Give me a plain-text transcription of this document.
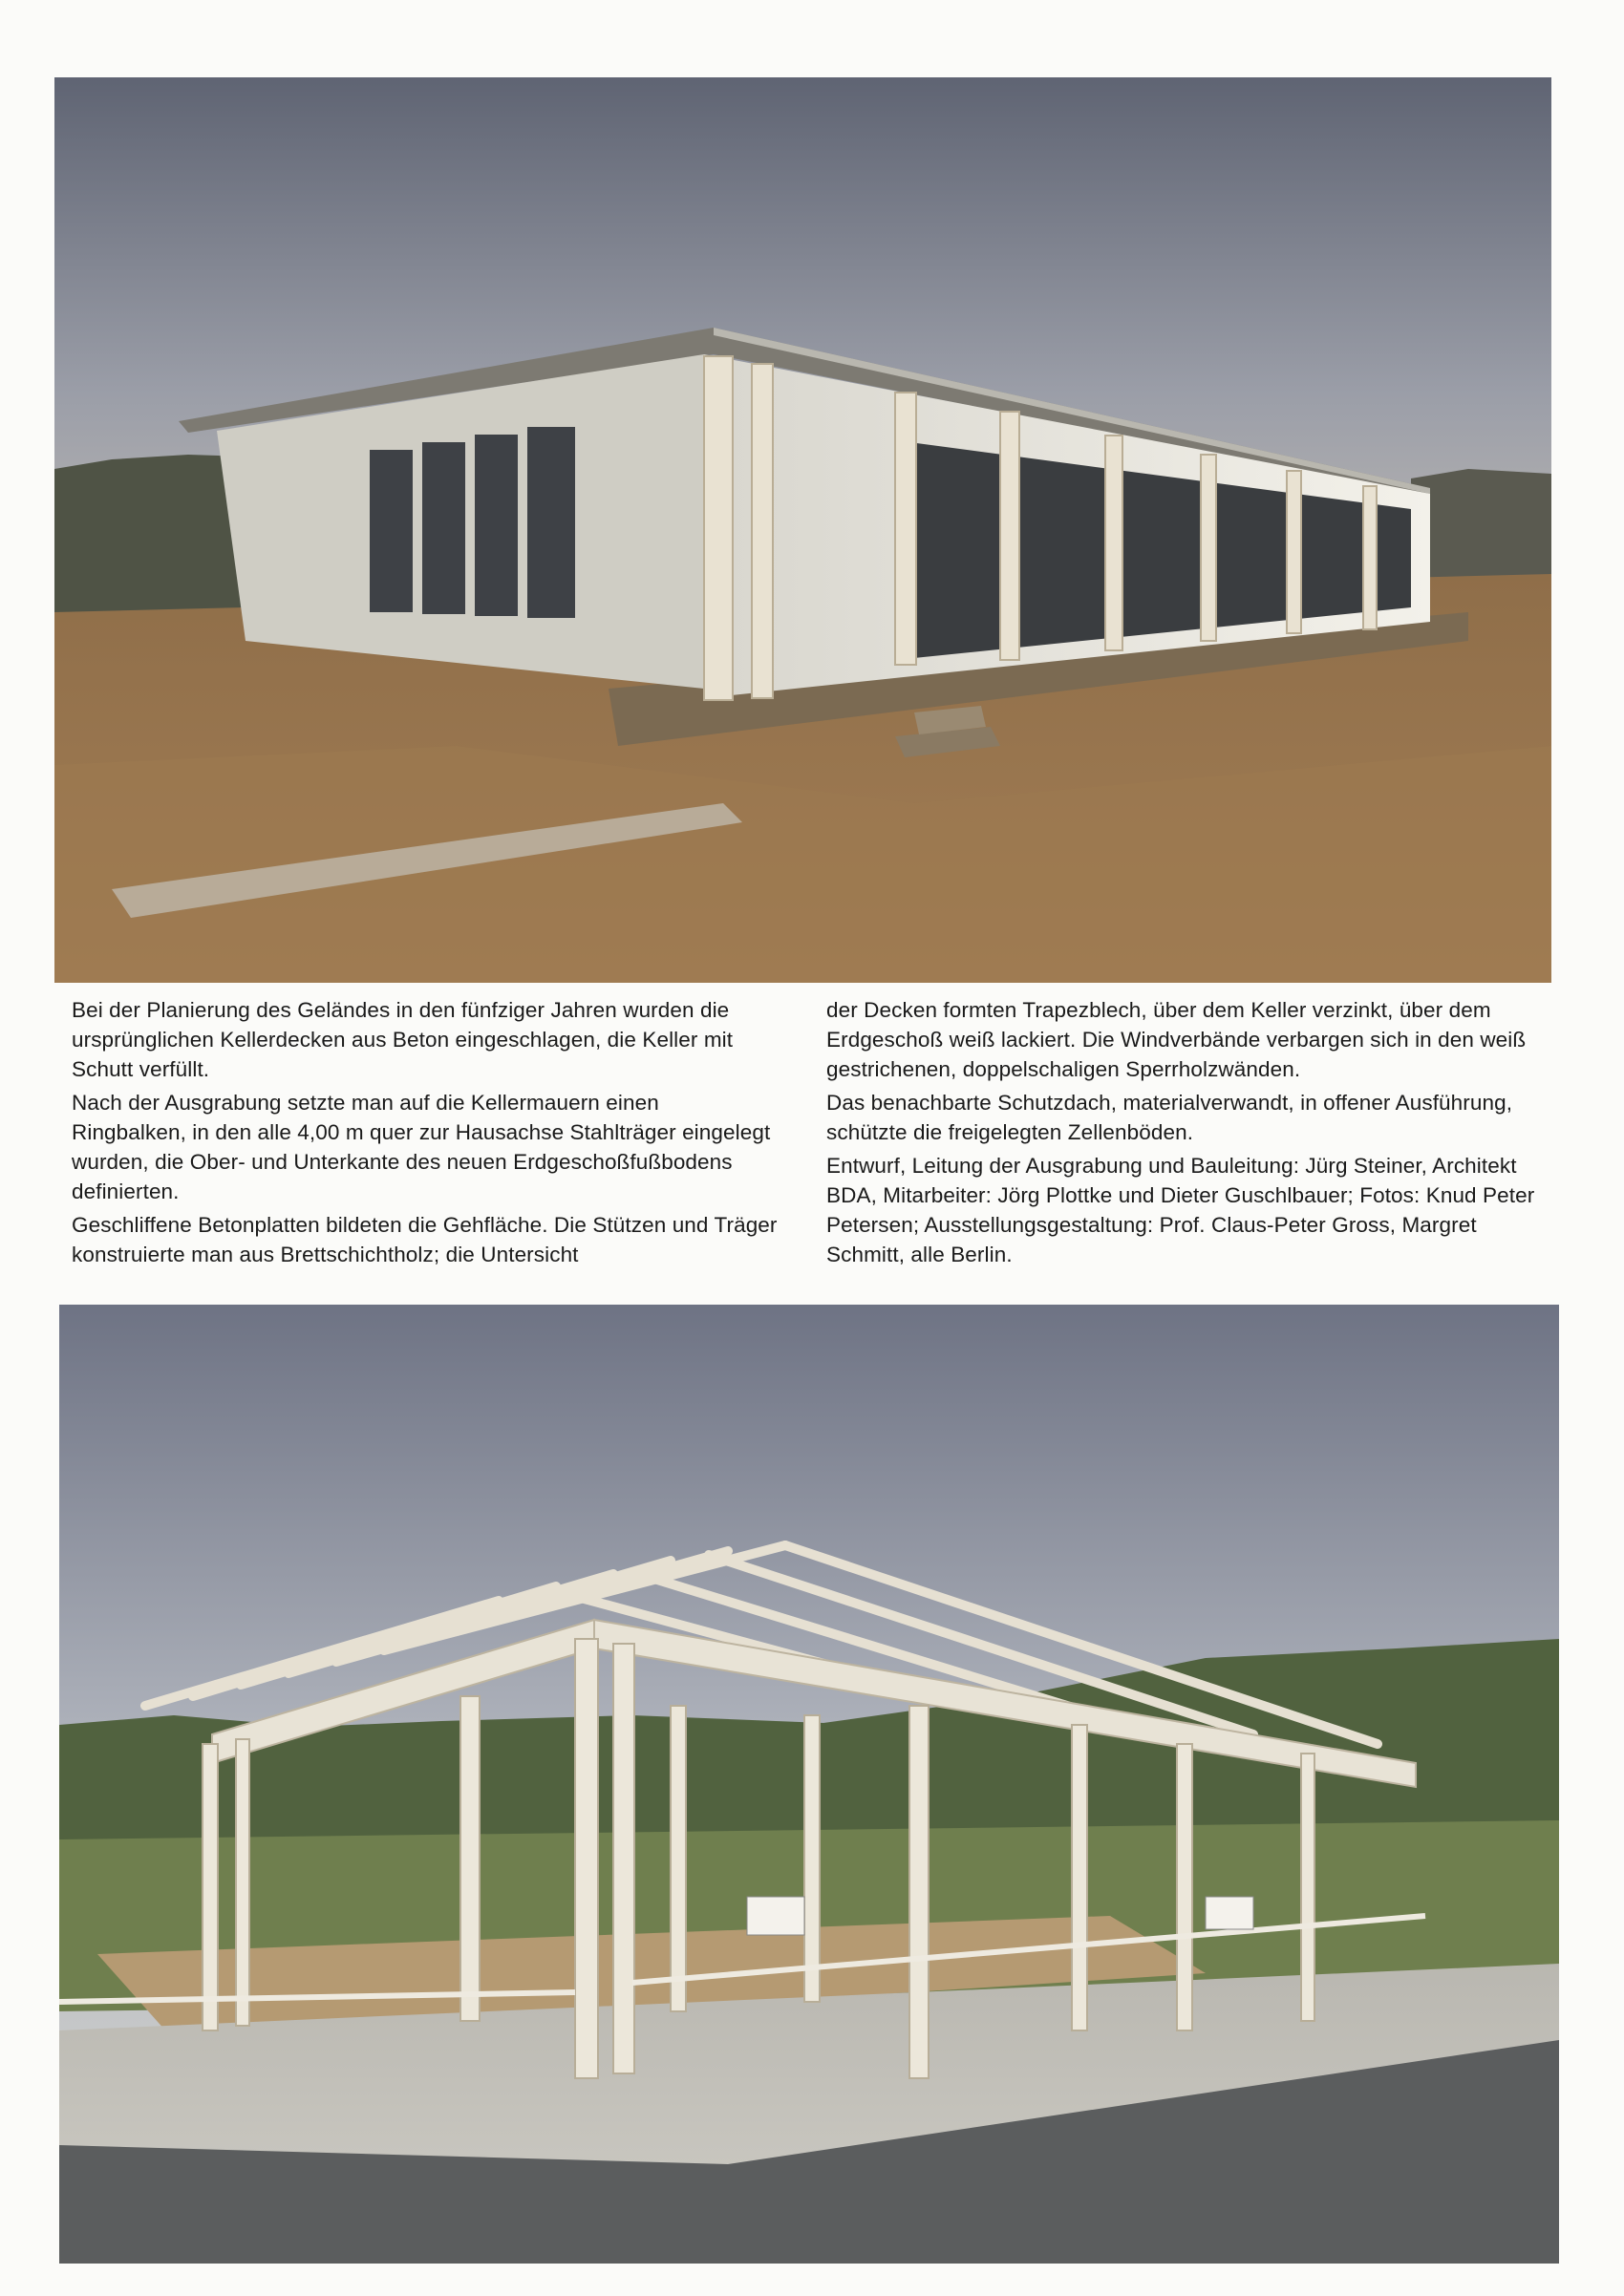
Bei der Planierung des Geländes in den fünfziger Jahren wurden die ursprünglichen Kellerdecken aus Beton eingeschlagen, die Keller mit Schutt verfüllt.

Nach der Ausgrabung setzte man auf die Kellermauern einen Ringbalken, in den alle 4,00 m quer zur Hausachse Stahlträger eingelegt wurden, die Ober- und Unterkante des neuen Erdgeschoßfußbodens definierten.

Geschliffene Betonplatten bildeten die Gehfläche. Die Stützen und Träger konstruierte man aus Brettschichtholz; die Untersicht

der Decken formten Trapezblech, über dem Keller verzinkt, über dem Erdgeschoß weiß lackiert. Die Windverbände verbargen sich in den weiß gestrichenen, doppelschaligen Sperrholzwänden.

Das benachbarte Schutzdach, materialverwandt, in offener Ausführung, schützte die freigelegten Zellenböden.

Entwurf, Leitung der Ausgrabung und Bauleitung: Jürg Steiner, Architekt BDA, Mitarbeiter: Jörg Plottke und Dieter Guschlbauer; Fotos: Knud Peter Petersen; Ausstellungsgestaltung: Prof. Claus-Peter Gross, Margret Schmitt, alle Berlin.
